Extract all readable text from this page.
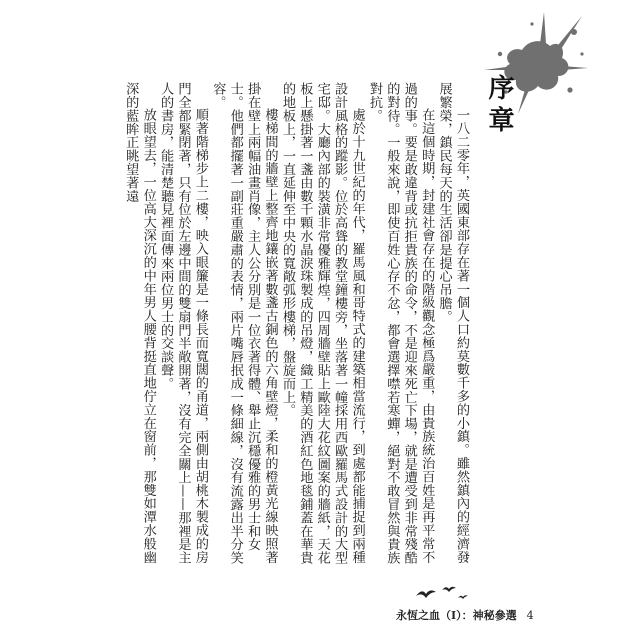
序章

一八二零年，英國東部存在著一個人口約莫數千多的小鎮。雖然鎮內的經濟發展繁榮，鎮民每天的生活卻是提心吊膽。

在這個時期，封建社會存在的階級觀念極爲嚴重，由貴族統治百姓是再平常不過的事。要是敢違背或抗拒貴族的命令，不是迎來死亡下場，就是遭受到非常殘酷的對待。一般來說，即使百姓心存不忿，都會選擇噤若寒蟬，絕對不敢冒然與貴族對抗。

處於十九世紀的年代，羅馬風和哥特式的建築相當流行，到處都能捕捉到兩種設計風格的蹤影。位於高聳的教堂鐘樓旁，坐落著一幢採用西歐羅馬式設計的大型宅邸。大廳內部的裝潢非常優雅輝煌，四周牆壁貼上歐陸大花紋圖案的牆紙，天花板上懸掛著一盞由數千顆水晶淚珠製成的吊燈，織工精美的酒紅色地毯鋪蓋在華貴的地板上，一直延伸至中央的寬敞弧形樓梯，盤旋而上。

樓梯間的牆壁上整齊地鑲嵌著數盞古銅色的六角壁燈，柔和的橙黃光線映照著掛在壁上兩幅油畫肖像，主人公分別是一位衣著得體、舉止沉穩優雅的男士和女士。他們都擺著一副莊重嚴肅的表情，兩片嘴唇抿成一條細線，沒有流露出半分笑容。

順著階梯步上二樓，映入眼簾是一條長而寬闊的甬道，兩側由胡桃木製成的房門全都緊閉著，只有位於左邊中間的雙扇門半敞開著，沒有完全關上——那裡是主人的書房，能清楚聽見裡面傳來兩位男士的交談聲。

放眼望去，一位高大深沉的中年男人腰背挺直地佇立在窗前，那雙如潭水般幽深的藍眸正眺望著遠

永恆之血（Ⅰ）：神秘參選 4
